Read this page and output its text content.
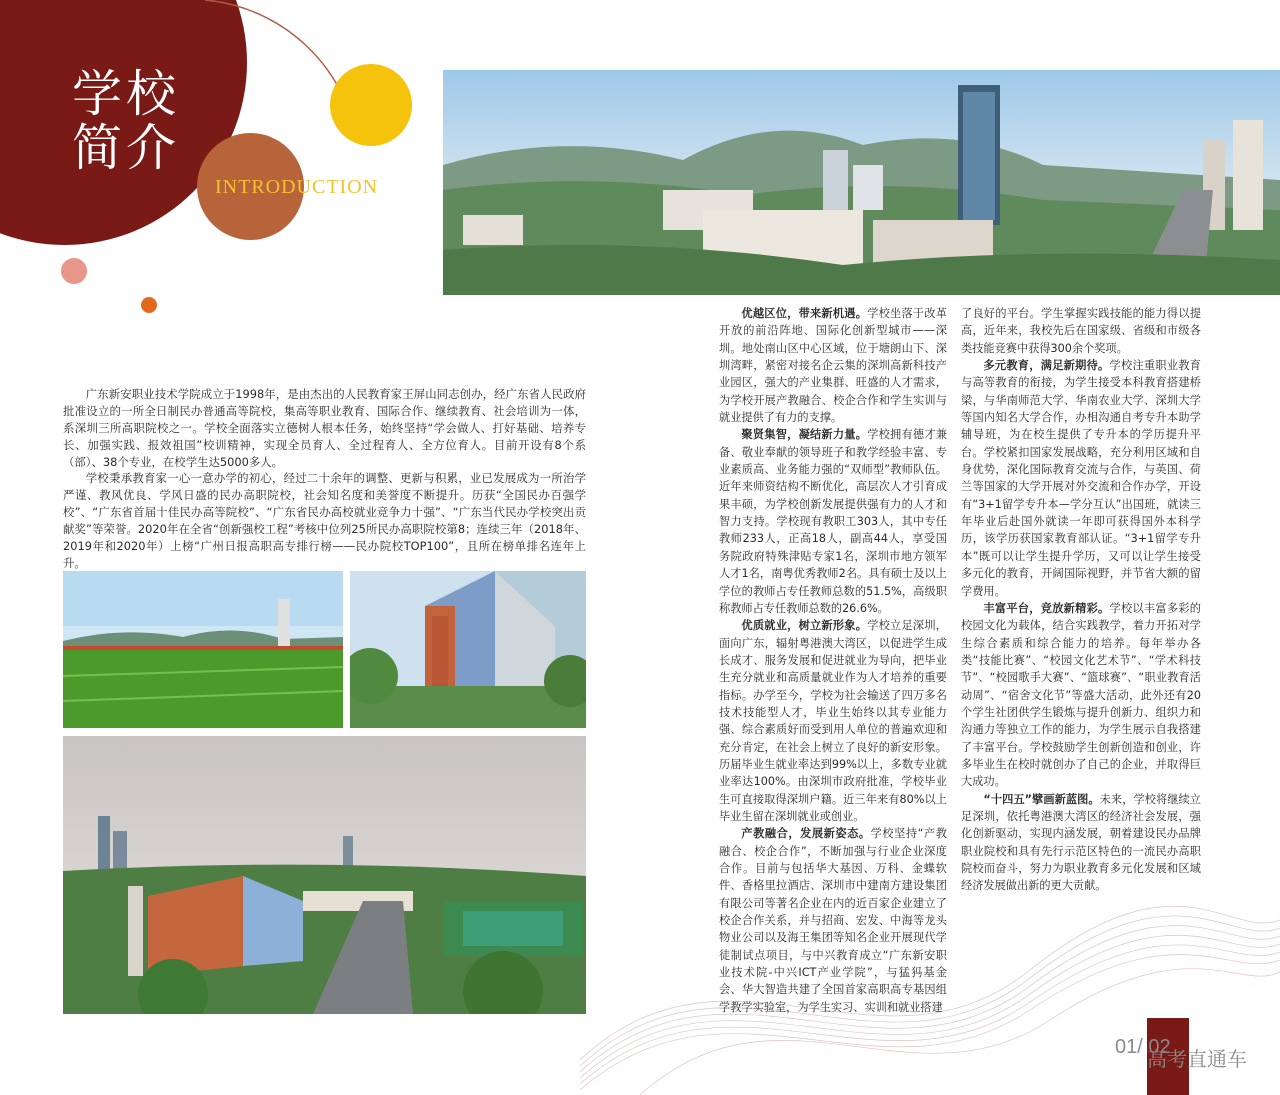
学校
简介
INTRODUCTION

广东新安职业技术学院成立于1998年，是由杰出的人民教育家王屏山同志创办，经广东省人民政府批准设立的一所全日制民办普通高等院校，集高等职业教育、国际合作、继续教育、社会培训为一体，系深圳三所高职院校之一。学校全面落实立德树人根本任务，始终坚持“学会做人、打好基础、培养专长、加强实践、报效祖国”校训精神，实现全员育人、全过程育人、全方位育人。目前开设有8个系（部）、38个专业，在校学生达5000多人。

学校秉承教育家一心一意办学的初心，经过二十余年的调整、更新与积累，业已发展成为一所治学严谨、教风优良、学风日盛的民办高职院校，社会知名度和美誉度不断提升。历获“全国民办百强学校”、“广东省首届十佳民办高等院校”、“广东省民办高校就业竞争力十强”、“广东当代民办学校突出贡献奖”等荣誉。2020年在全省“创新强校工程”考核中位列25所民办高职院校第8；连续三年（2018年、2019年和2020年）上榜“广州日报高职高专排行榜——民办院校TOP100”，且所在榜单排名连年上升。

优越区位，带来新机遇。学校坐落于改革开放的前沿阵地、国际化创新型城市——深圳。地处南山区中心区域，位于塘朗山下、深圳湾畔，紧密对接名企云集的深圳高新科技产业园区，强大的产业集群、旺盛的人才需求，为学校开展产教融合、校企合作和学生实训与就业提供了有力的支撑。

聚贤集智，凝结新力量。学校拥有德才兼备、敬业奉献的领导班子和教学经验丰富、专业素质高、业务能力强的“双师型”教师队伍。近年来师资结构不断优化，高层次人才引育成果丰硕，为学校创新发展提供强有力的人才和智力支持。学校现有教职工303人，其中专任教师233人，正高18人，副高44人，享受国务院政府特殊津贴专家1名，深圳市地方领军人才1名，南粤优秀教师2名。具有硕士及以上学位的教师占专任教师总数的51.5%，高级职称教师占专任教师总数的26.6%。

优质就业，树立新形象。学校立足深圳，面向广东，辐射粤港澳大湾区，以促进学生成长成才、服务发展和促进就业为导向，把毕业生充分就业和高质量就业作为人才培养的重要指标。办学至今，学校为社会输送了四万多名技术技能型人才，毕业生始终以其专业能力强、综合素质好而受到用人单位的普遍欢迎和充分肯定，在社会上树立了良好的新安形象。历届毕业生就业率达到99%以上，多数专业就业率达100%。由深圳市政府批准，学校毕业生可直接取得深圳户籍。近三年来有80%以上毕业生留在深圳就业或创业。

产教融合，发展新姿态。学校坚持“产教融合、校企合作”，不断加强与行业企业深度合作。目前与包括华大基因、万科、金蝶软件、香格里拉酒店、深圳市中建南方建设集团有限公司等著名企业在内的近百家企业建立了校企合作关系，并与招商、宏发、中海等龙头物业公司以及海王集团等知名企业开展现代学徒制试点项目，与中兴教育成立“广东新安职业技术院-中兴ICT产业学院”，与猛犸基金会、华大智造共建了全国首家高职高专基因组学教学实验室，为学生实习、实训和就业搭建

了良好的平台。学生掌握实践技能的能力得以提高，近年来，我校先后在国家级、省级和市级各类技能竞赛中获得300余个奖项。

多元教育，满足新期待。学校注重职业教育与高等教育的衔接，为学生接受本科教育搭建桥梁，与华南师范大学、华南农业大学、深圳大学等国内知名大学合作，办相沟通自考专升本助学辅导班，为在校生提供了专升本的学历提升平台。学校紧扣国家发展战略，充分利用区域和自身优势，深化国际教育交流与合作，与英国、荷兰等国家的大学开展对外交流和合作办学，开设有“3+1留学专升本—学分互认”出国班，就读三年毕业后赴国外就读一年即可获得国外本科学历，该学历获国家教育部认证。“3+1留学专升本”既可以让学生提升学历，又可以让学生接受多元化的教育，开阔国际视野，并节省大额的留学费用。

丰富平台，竞放新精彩。学校以丰富多彩的校园文化为载体，结合实践教学，着力开拓对学生综合素质和综合能力的培养。每年举办各类“技能比赛”、“校园文化艺术节”、“学术科技节”、“校园歌手大赛”、“篮球赛”、“职业教育活动周”、“宿舍文化节”等盛大活动，此外还有20个学生社团供学生锻炼与提升创新力、组织力和沟通力等独立工作的能力，为学生展示自我搭建了丰富平台。学校鼓励学生创新创造和创业，许多毕业生在校时就创办了自己的企业，并取得巨大成功。

“十四五”擘画新蓝图。未来，学校将继续立足深圳，依托粤港澳大湾区的经济社会发展，强化创新驱动，实现内涵发展，朝着建设民办品牌职业院校和具有先行示范区特色的一流民办高职院校而奋斗，努力为职业教育多元化发展和区域经济发展做出新的更大贡献。

01/ 02
高考直通车
